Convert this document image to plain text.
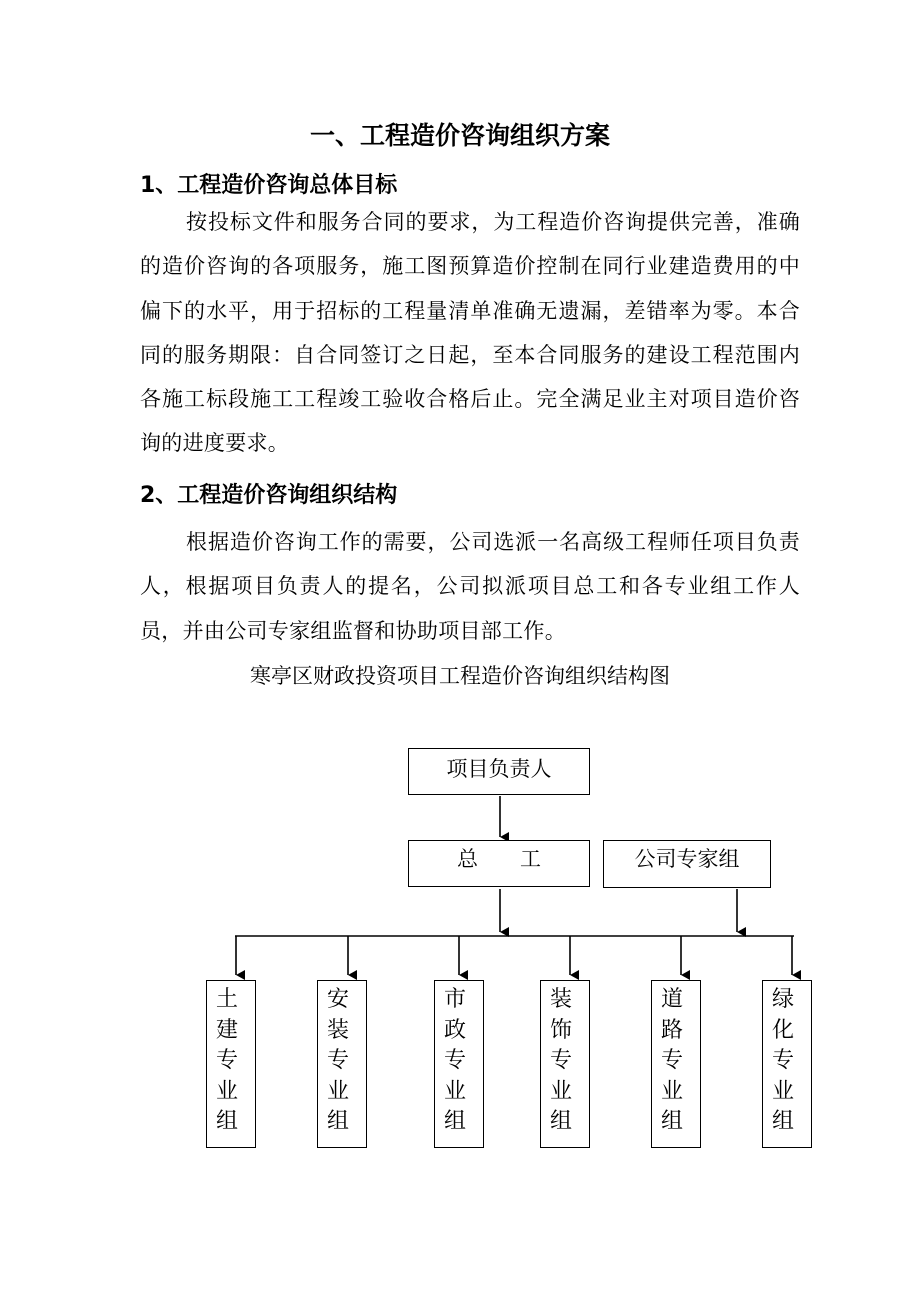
一、工程造价咨询组织方案
1、工程造价咨询总体目标
按投标文件和服务合同的要求，为工程造价咨询提供完善，准确的造价咨询的各项服务，施工图预算造价控制在同行业建造费用的中偏下的水平，用于招标的工程量清单准确无遗漏，差错率为零。本合同的服务期限：自合同签订之日起，至本合同服务的建设工程范围内各施工标段施工工程竣工验收合格后止。完全满足业主对项目造价咨询的进度要求。
2、工程造价咨询组织结构
根据造价咨询工作的需要，公司选派一名高级工程师任项目负责人，根据项目负责人的提名，公司拟派项目总工和各专业组工作人员，并由公司专家组监督和协助项目部工作。
寒亭区财政投资项目工程造价咨询组织结构图
项目负责人
总　　工	公司专家组
土建专业组
安装专业组
市政专业组
装饰专业组
道路专业组
绿化专业组
